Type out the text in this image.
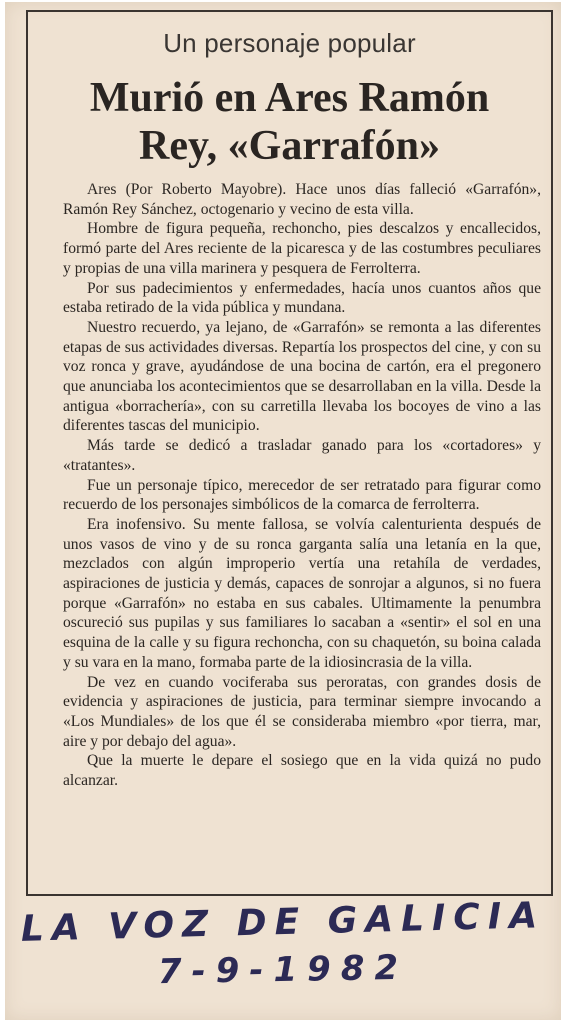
Un personaje popular
Murió en Ares Ramón
Rey, «Garrafón»

Ares (Por Roberto Mayobre). Hace unos días falleció «Garrafón», Ramón Rey Sánchez, octogenario y vecino de esta villa.

Hombre de figura pequeña, rechoncho, pies descalzos y encallecidos, formó parte del Ares reciente de la picaresca y de las costumbres peculiares y propias de una villa marinera y pesquera de Ferrolterra.

Por sus padecimientos y enfermedades, hacía unos cuantos años que estaba retirado de la vida pública y mundana.

Nuestro recuerdo, ya lejano, de «Garrafón» se remonta a las diferentes etapas de sus actividades diversas. Repartía los prospectos del cine, y con su voz ronca y grave, ayudándose de una bocina de cartón, era el pregonero que anunciaba los acontecimientos que se desarrollaban en la villa. Desde la antigua «borrachería», con su carretilla llevaba los bocoyes de vino a las diferentes tascas del municipio.

Más tarde se dedicó a trasladar ganado para los «cortadores» y «tratantes».

Fue un personaje típico, merecedor de ser retratado para figurar como recuerdo de los personajes simbólicos de la comarca de ferrolterra.

Era inofensivo. Su mente fallosa, se volvía calenturienta después de unos vasos de vino y de su ronca garganta salía una letanía en la que, mezclados con algún improperio vertía una retahíla de verdades, aspiraciones de justicia y demás, capaces de sonrojar a algunos, si no fuera porque «Garrafón» no estaba en sus cabales. Ultimamente la penumbra oscureció sus pupilas y sus familiares lo sacaban a «sentir» el sol en una esquina de la calle y su figura rechoncha, con su chaquetón, su boina calada y su vara en la mano, formaba parte de la idiosincrasia de la villa.

De vez en cuando vociferaba sus peroratas, con grandes dosis de evidencia y aspiraciones de justicia, para terminar siempre invocando a «Los Mundiales» de los que él se consideraba miembro «por tierra, mar, aire y por debajo del agua».

Que la muerte le depare el sosiego que en la vida quizá no pudo alcanzar.

LA VOZ DE GALICIA
7-9-1982
